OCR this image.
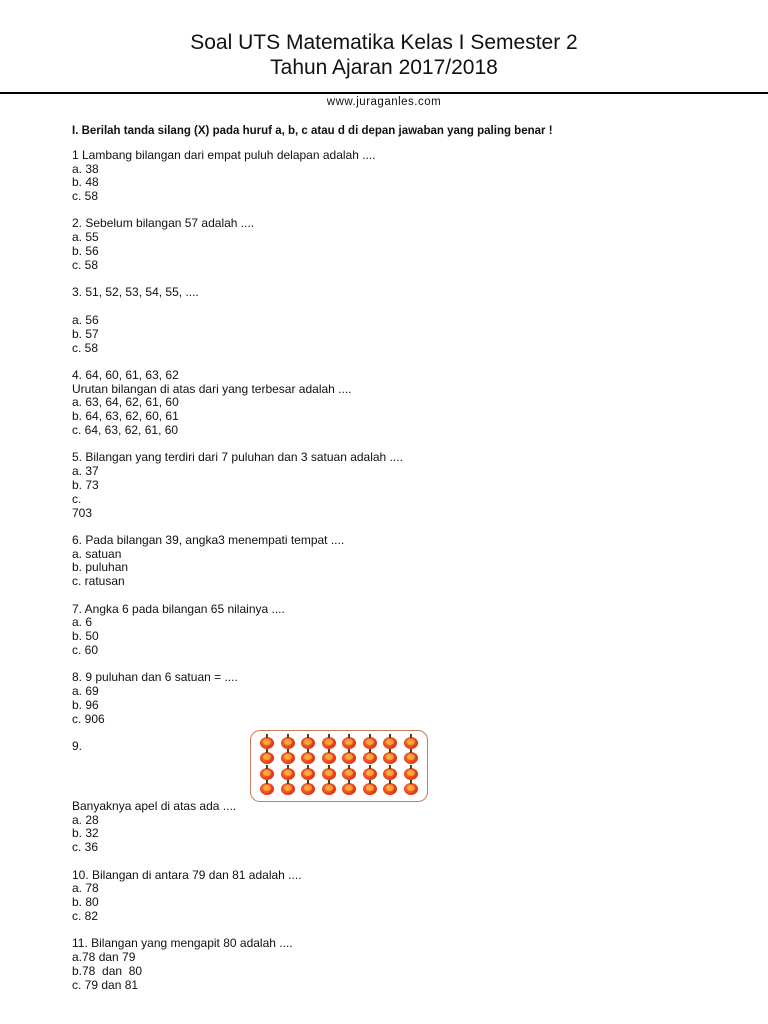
Soal UTS Matematika Kelas I Semester 2
Tahun Ajaran 2017/2018
www.juraganles.com
I. Berilah tanda silang (X) pada huruf a, b, c atau d di depan jawaban yang paling benar !
1 Lambang bilangan dari empat puluh delapan adalah ....
a. 38
b. 48
c. 58
2. Sebelum bilangan 57 adalah ....
a. 55
b. 56
c. 58
3. 51, 52, 53, 54, 55, ....
a. 56
b. 57
c. 58
4. 64, 60, 61, 63, 62
Urutan bilangan di atas dari yang terbesar adalah ....
a. 63, 64, 62, 61, 60
b. 64, 63, 62, 60, 61
c. 64, 63, 62, 61, 60
5. Bilangan yang terdiri dari 7 puluhan dan 3 satuan adalah ....
a. 37
b. 73
c.
703
6. Pada bilangan 39, angka3 menempati tempat ....
a. satuan
b. puluhan
c. ratusan
7. Angka 6 pada bilangan 65 nilainya ....
a. 6
b. 50
c. 60
8. 9 puluhan dan 6 satuan = ....
a. 69
b. 96
c. 906
9.
Banyaknya apel di atas ada ....
a. 28
b. 32
c. 36
10. Bilangan di antara 79 dan 81 adalah ....
a. 78
b. 80
c. 82
11. Bilangan yang mengapit 80 adalah ....
a.78 dan 79
b.78  dan  80
c. 79 dan 81
